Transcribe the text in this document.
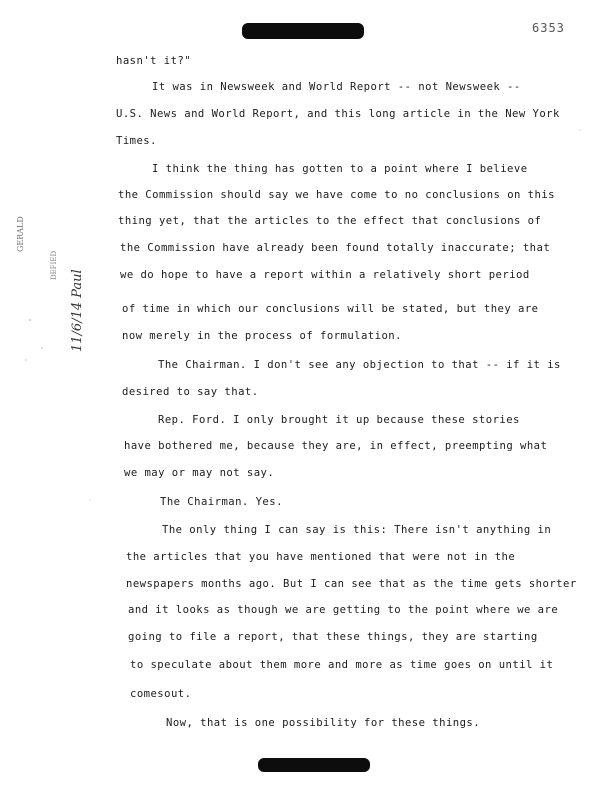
6353
GERALD
DEFIED
11/6/14 Paul
hasn't it?"
It was in Newsweek and World Report -- not Newsweek --
U.S. News and World Report, and this long article in the New York
Times.
I think the thing has gotten to a point where I believe
the Commission should say we have come to no conclusions on this
thing yet, that the articles to the effect that conclusions of
the Commission have already been found totally inaccurate; that
we do hope to have a report within a relatively short period
of time in which our conclusions will be stated, but they are
now merely in the process of formulation.
The Chairman. I don't see any objection to that -- if it is
desired to say that.
Rep. Ford. I only brought it up because these stories
have bothered me, because they are, in effect, preempting what
we may or may not say.
The Chairman. Yes.
The only thing I can say is this: There isn't anything in
the articles that you have mentioned that were not in the
newspapers months ago. But I can see that as the time gets shorter
and it looks as though we are getting to the point where we are
going to file a report, that these things, they are starting
to speculate about them more and more as time goes on until it
comesout.
Now, that is one possibility for these things.
